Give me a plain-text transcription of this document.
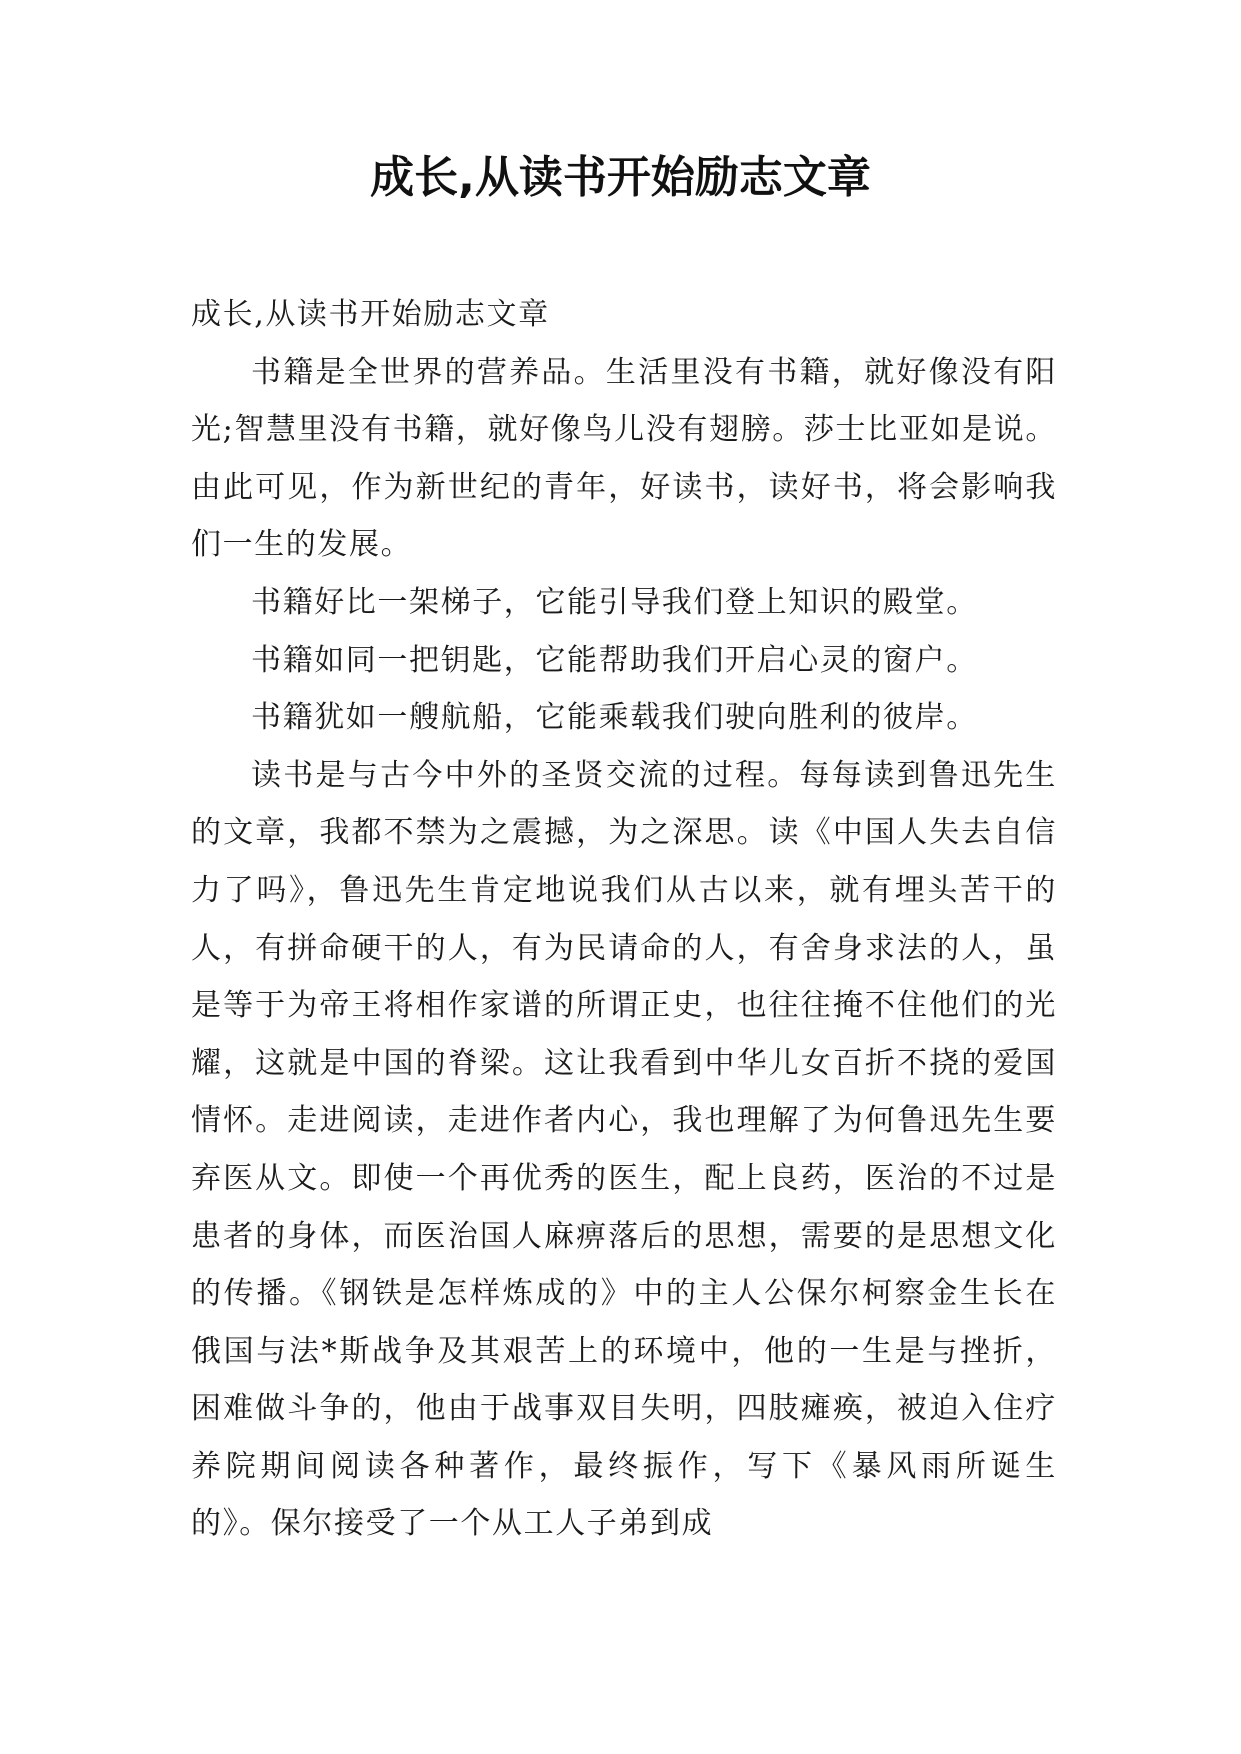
成长,从读书开始励志文章

成长,从读书开始励志文章

书籍是全世界的营养品。生活里没有书籍，就好像没有阳光;智慧里没有书籍，就好像鸟儿没有翅膀。莎士比亚如是说。由此可见，作为新世纪的青年，好读书，读好书，将会影响我们一生的发展。

书籍好比一架梯子，它能引导我们登上知识的殿堂。

书籍如同一把钥匙，它能帮助我们开启心灵的窗户。

书籍犹如一艘航船，它能乘载我们驶向胜利的彼岸。

读书是与古今中外的圣贤交流的过程。每每读到鲁迅先生的文章，我都不禁为之震撼，为之深思。读《中国人失去自信力了吗》，鲁迅先生肯定地说我们从古以来，就有埋头苦干的人，有拼命硬干的人，有为民请命的人，有舍身求法的人，虽是等于为帝王将相作家谱的所谓正史，也往往掩不住他们的光耀，这就是中国的脊梁。这让我看到中华儿女百折不挠的爱国情怀。走进阅读，走进作者内心，我也理解了为何鲁迅先生要弃医从文。即使一个再优秀的医生，配上良药，医治的不过是患者的身体，而医治国人麻痹落后的思想，需要的是思想文化的传播。《钢铁是怎样炼成的》中的主人公保尔柯察金生长在俄国与法*斯战争及其艰苦上的环境中，他的一生是与挫折，困难做斗争的，他由于战事双目失明，四肢瘫痪，被迫入住疗养院期间阅读各种著作，最终振作，写下《暴风雨所诞生的》。保尔接受了一个从工人子弟到成
